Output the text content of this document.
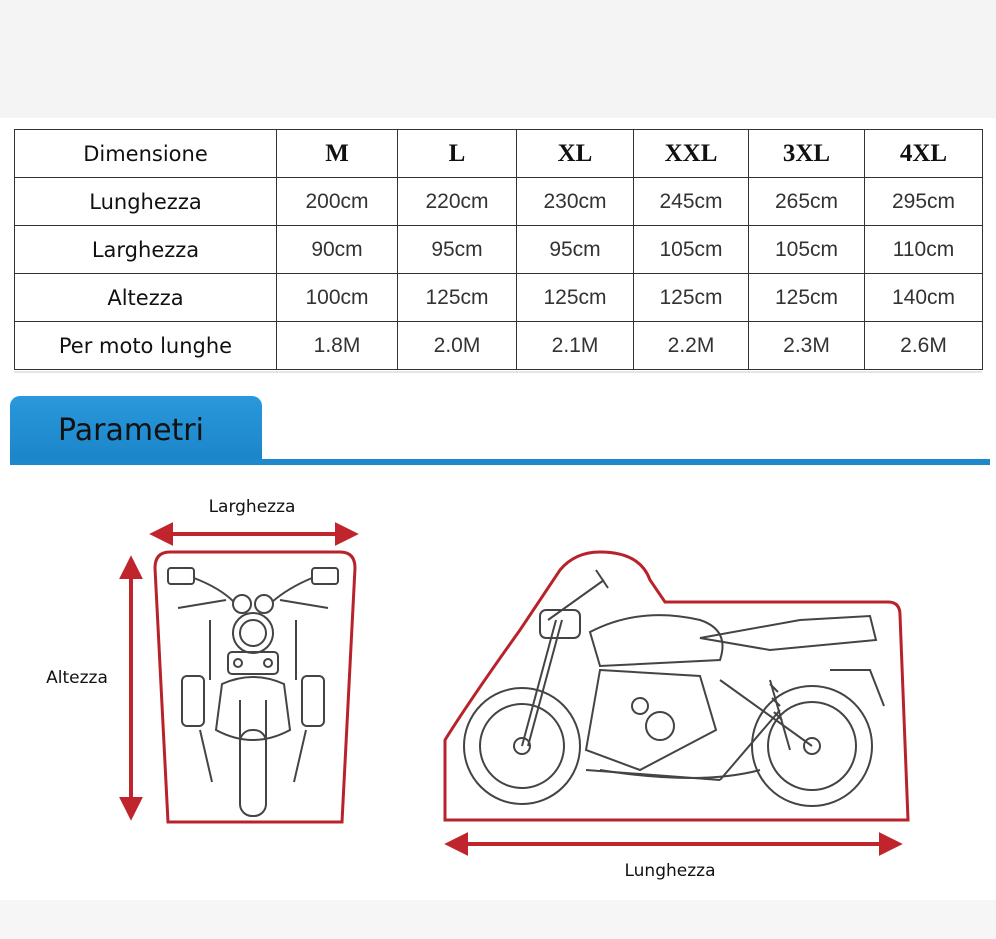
Dimensione	M	L	XL	XXL	3XL	4XL
Lunghezza	200cm	220cm	230cm	245cm	265cm	295cm
Larghezza	90cm	95cm	95cm	105cm	105cm	110cm
Altezza	100cm	125cm	125cm	125cm	125cm	140cm
Per moto lunghe	1.8M	2.0M	2.1M	2.2M	2.3M	2.6M
Parametri
Larghezza
Altezza
Lunghezza
